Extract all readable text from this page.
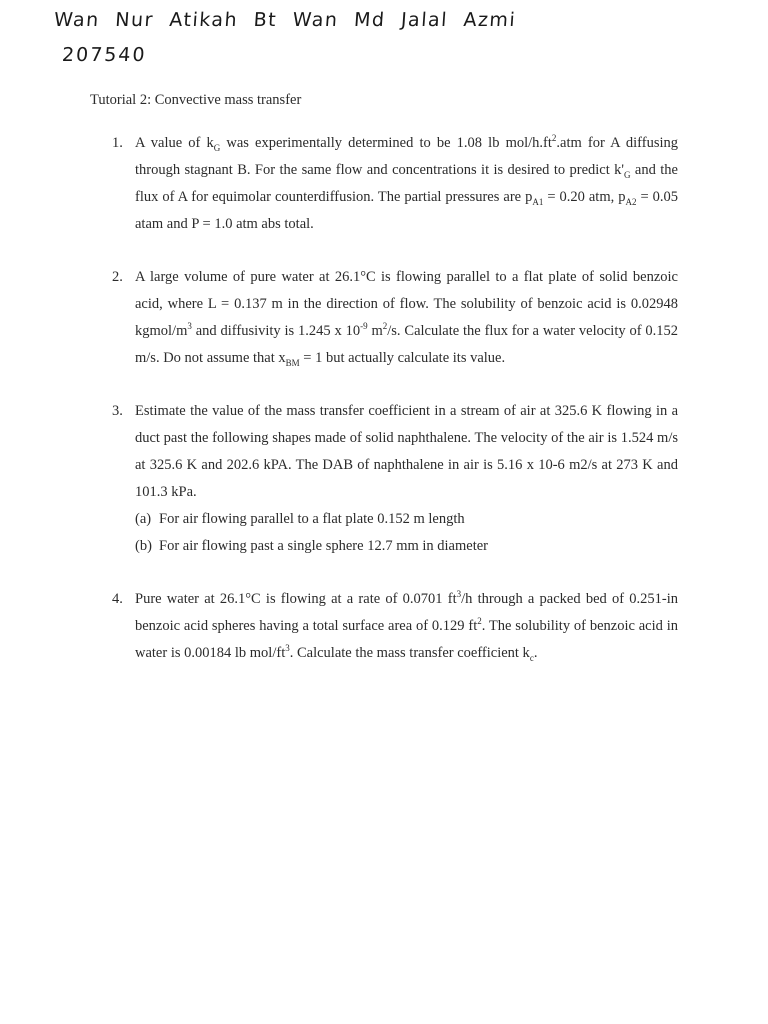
Wan Nur Atikah Bt Wan Md Jalal Azmi
207540
Tutorial 2: Convective mass transfer
1. A value of $k_G$ was experimentally determined to be 1.08 lb mol/$h.ft^2.atm$ for A diffusing through stagnant B. For the same flow and concentrations it is desired to predict $k'_G$ and the flux of A for equimolar counterdiffusion. The partial pressures are $p_{A1} = 0.20$ atm, $p_{A2} = 0.05$ atam and P = 1.0 atm abs total.
2. A large volume of pure water at 26.1°C is flowing parallel to a flat plate of solid benzoic acid, where L = 0.137 m in the direction of flow. The solubility of benzoic acid is 0.02948 kgmol/$m^3$ and diffusivity is 1.245 x $10^{-9}$ $m^2/s$. Calculate the flux for a water velocity of 0.152 m/s. Do not assume that $x_{BM} = 1$ but actually calculate its value.
3. Estimate the value of the mass transfer coefficient in a stream of air at 325.6 K flowing in a duct past the following shapes made of solid naphthalene. The velocity of the air is 1.524 m/s at 325.6 K and 202.6 kPA. The DAB of naphthalene in air is 5.16 x 10-6 m2/s at 273 K and 101.3 kPa.

(a) For air flowing parallel to a flat plate 0.152 m length
(b) For air flowing past a single sphere 12.7 mm in diameter
4. Pure water at 26.1°C is flowing at a rate of 0.0701 $ft^3/h$ through a packed bed of 0.251-in benzoic acid spheres having a total surface area of 0.129 $ft^2$. The solubility of benzoic acid in water is 0.00184 lb mol/$ft^3$. Calculate the mass transfer coefficient $k_c$.
